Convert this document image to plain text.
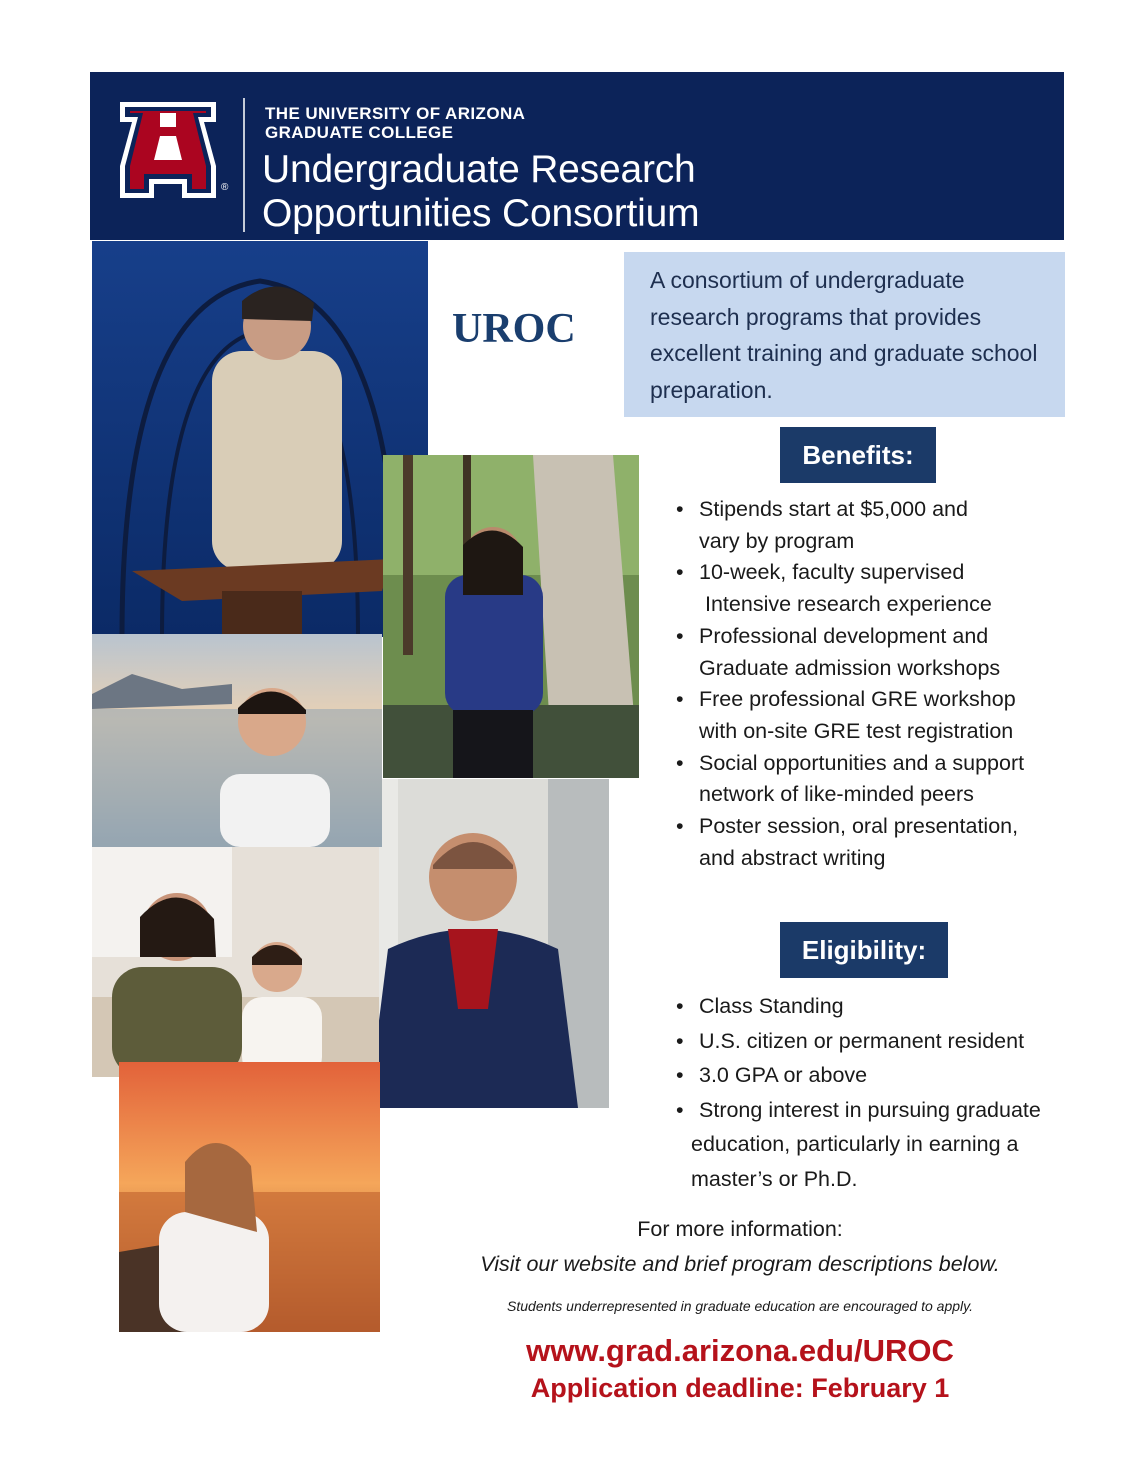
®
THE UNIVERSITY OF ARIZONA
GRADUATE COLLEGE
Undergraduate Research
Opportunities Consortium
UROC
A consortium of undergraduate research programs that provides excellent training and graduate school preparation.
Benefits:
• Stipends start at $5,000 and
vary by program
• 10-week, faculty supervised
Intensive research experience
• Professional development and
Graduate admission workshops
• Free professional GRE workshop
with on-site GRE test registration
• Social opportunities and a support
network of like-minded peers
• Poster session, oral presentation,
and abstract writing
Eligibility:
• Class Standing
• U.S. citizen or permanent resident
• 3.0 GPA or above
• Strong interest in pursuing graduate
education, particularly in earning a
master’s or Ph.D.
For more information:
Visit our website and brief program descriptions below.
Students underrepresented in graduate education are encouraged to apply.
www.grad.arizona.edu/UROC
Application deadline: February 1
